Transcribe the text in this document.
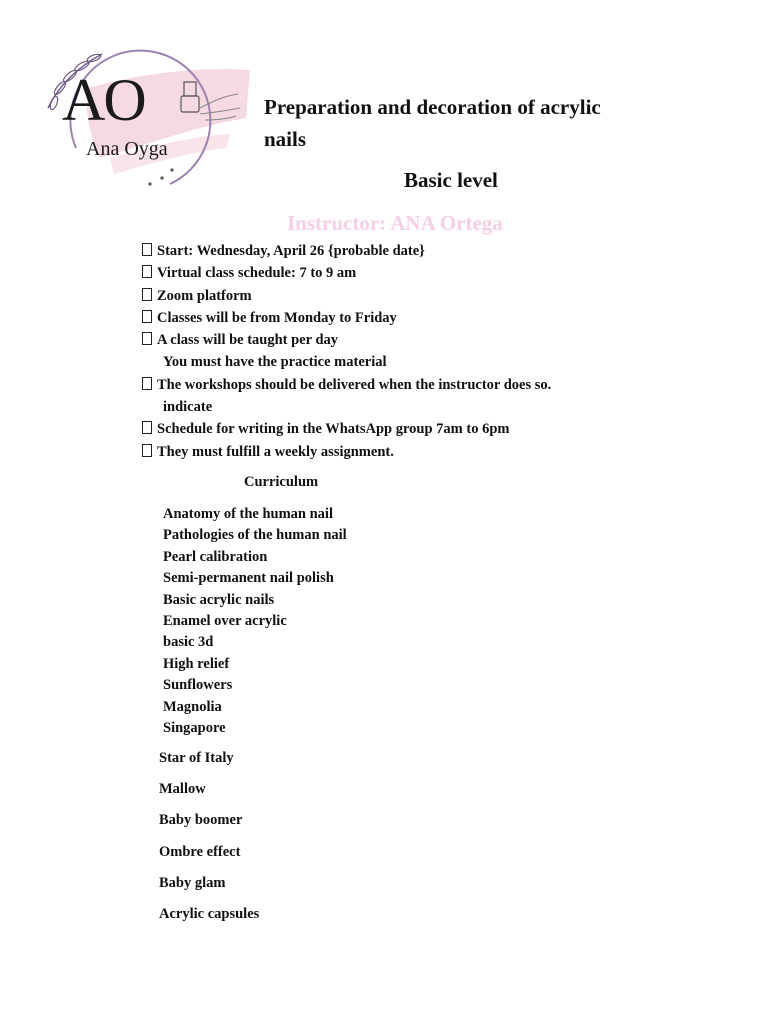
AO
Ana Oyga
Preparation and decoration of acrylic nails
Basic level
Instructor: ANA Ortega
Start: Wednesday, April 26 {probable date}
Virtual class schedule: 7 to 9 am
Zoom platform
Classes will be from Monday to Friday
A class will be taught per day
You must have the practice material
The workshops should be delivered when the instructor does so.
indicate
Schedule for writing in the WhatsApp group 7am to 6pm
They must fulfill a weekly assignment.
Curriculum
Anatomy of the human nail
Pathologies of the human nail
Pearl calibration
Semi-permanent nail polish
Basic acrylic nails
Enamel over acrylic
basic 3d
High relief
Sunflowers
Magnolia
Singapore
Star of Italy
Mallow
Baby boomer
Ombre effect
Baby glam
Acrylic capsules
